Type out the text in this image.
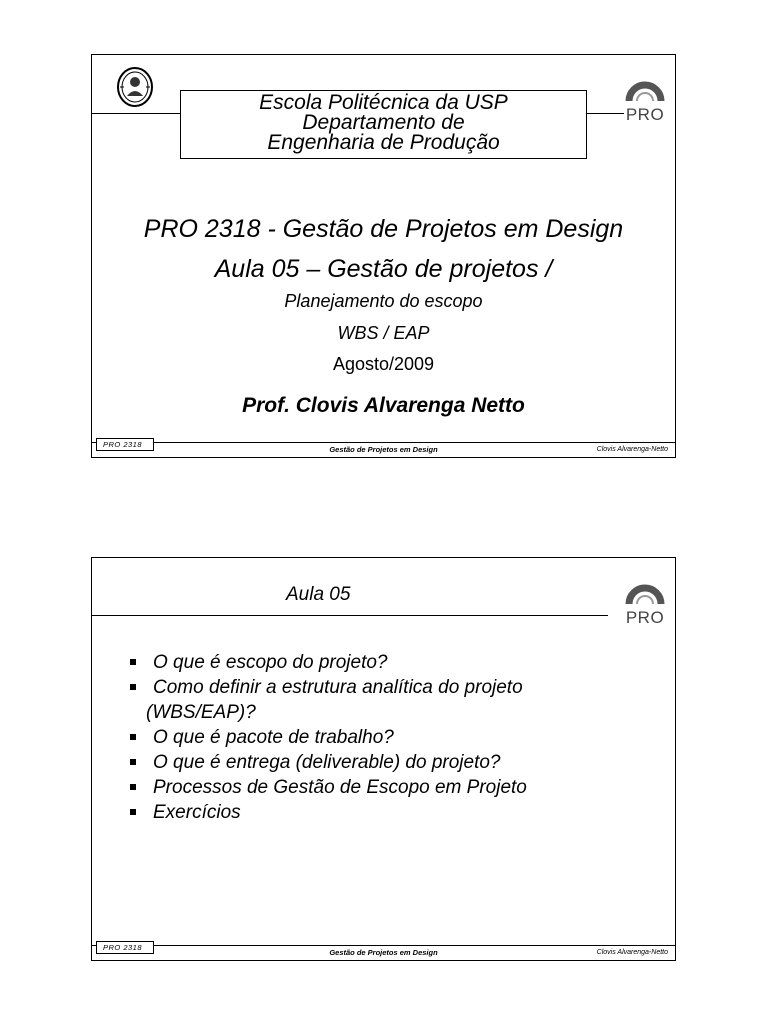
PRO
Escola Politécnica da USP
Departamento de
Engenharia de Produção
PRO 2318 - Gestão de Projetos em Design
Aula 05 – Gestão de projetos /
Planejamento do escopo
WBS / EAP
Agosto/2009
Prof. Clovis Alvarenga Netto
PRO 2318
Gestão de Projetos em Design	Clovis Alvarenga-Netto
PRO
Aula 05
O que é escopo do projeto?
Como definir a estrutura analítica do projeto
(WBS/EAP)?
O que é pacote de trabalho?
O que é entrega (deliverable) do projeto?
Processos de Gestão de Escopo em Projeto
Exercícios
PRO 2318
Gestão de Projetos em Design	Clovis Alvarenga-Netto
